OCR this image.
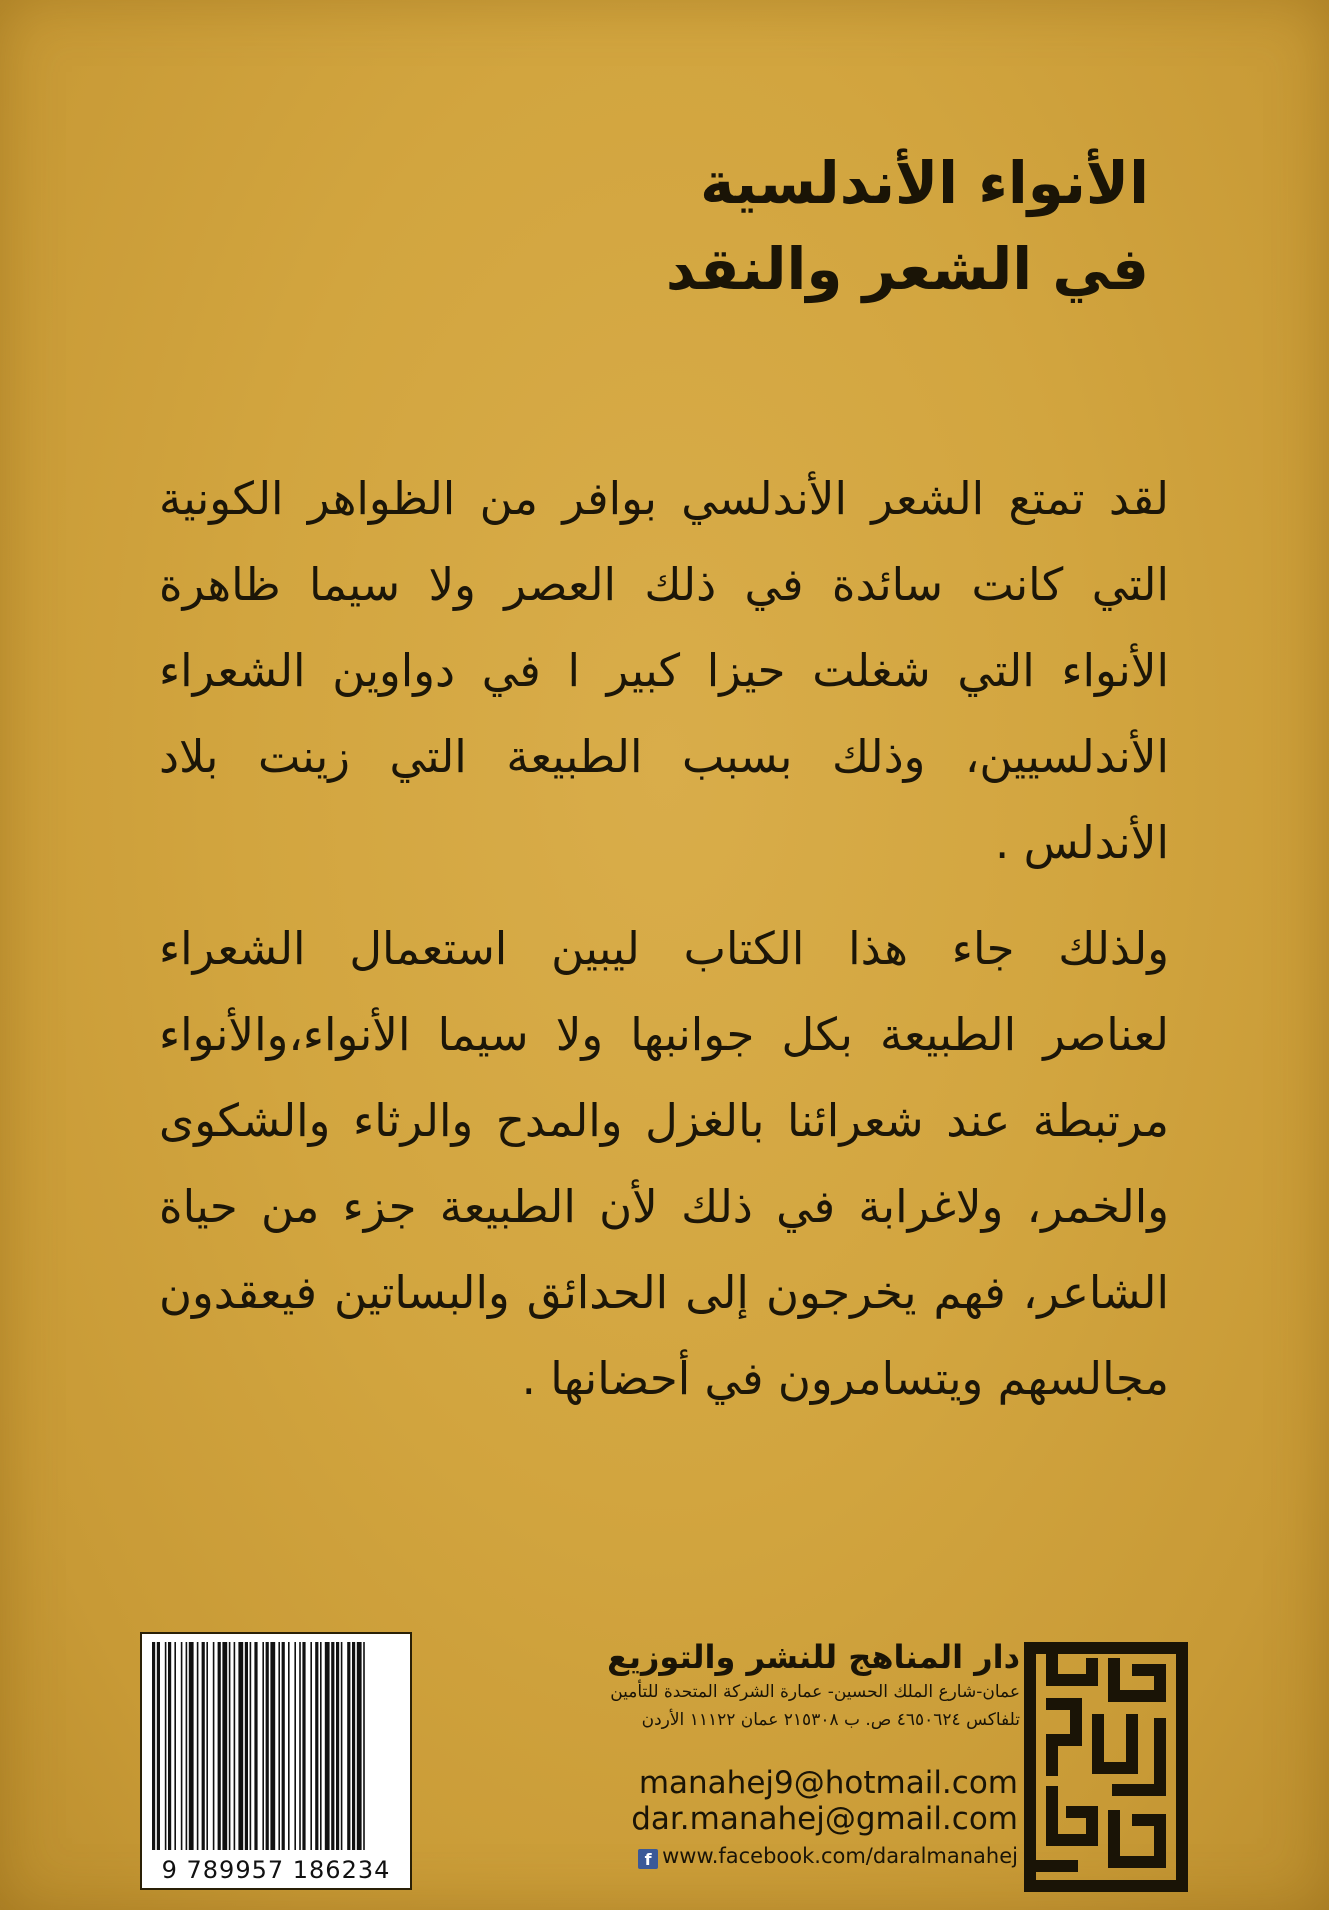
الأنواء الأندلسية
في الشعر والنقد
لقد تمتع الشعر الأندلسي بوافر من الظواهر الكونية
التي كانت سائدة في ذلك العصر ولا سيما ظاهرة
الأنواء التي شغلت حيزا كبير ا في دواوين الشعراء
الأندلسيين، وذلك بسبب الطبيعة التي زينت بلاد
الأندلس .
ولذلك جاء هذا الكتاب ليبين استعمال الشعراء
لعناصر الطبيعة بكل جوانبها ولا سيما الأنواء،والأنواء
مرتبطة عند شعرائنا بالغزل والمدح والرثاء والشكوى
والخمر، ولاغرابة في ذلك لأن الطبيعة جزء من حياة
الشاعر، فهم يخرجون إلى الحدائق والبساتين فيعقدون
مجالسهم ويتسامرون في أحضانها .
9 789957 186234
دار المناهج للنشر والتوزيع
عمان-شارع الملك الحسين- عمارة الشركة المتحدة للتأمين
تلفاكس ٤٦٥٠٦٢٤ ص. ب ٢١٥٣٠٨ عمان ١١١٢٢ الأردن
manahej9@hotmail.com
dar.manahej@gmail.com
f www.facebook.com/daralmanahej
